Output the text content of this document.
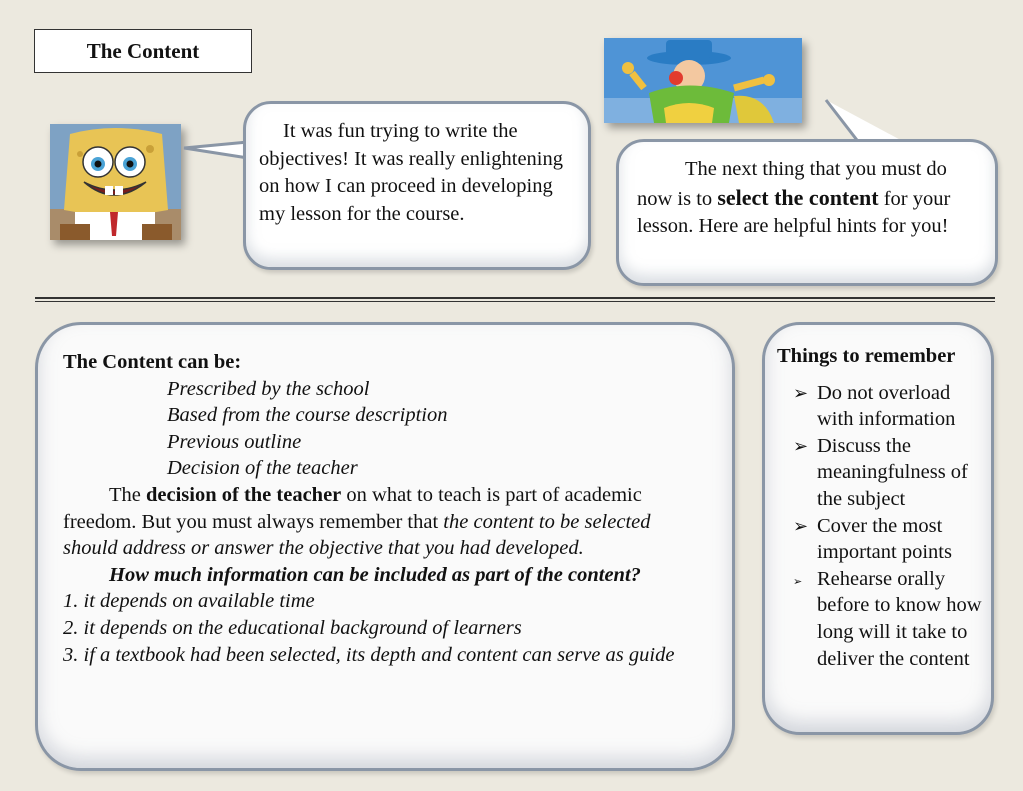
The Content
It was fun trying to write the objectives! It was really enlightening on how I can proceed in developing my lesson for the course.
The next thing that you must do now is to select the content for your lesson. Here are helpful hints for you!
The Content can be:
Prescribed by the school
Based from the course description
Previous outline
Decision of the teacher
The decision of the teacher on what to teach is part of academic freedom. But you must always remember that the content to be selected should address or answer the objective that you had developed.
How much information can be included as part of the content?
1. it depends on available time
2. it depends on the educational background of learners
3. if a textbook had been selected, its depth and content can serve as guide
Things to remember
➢ Do not overload with information
➢ Discuss the meaningfulness of the subject
➢ Cover the most important points
➢ Rehearse orally before to know how long will it take to deliver the content
